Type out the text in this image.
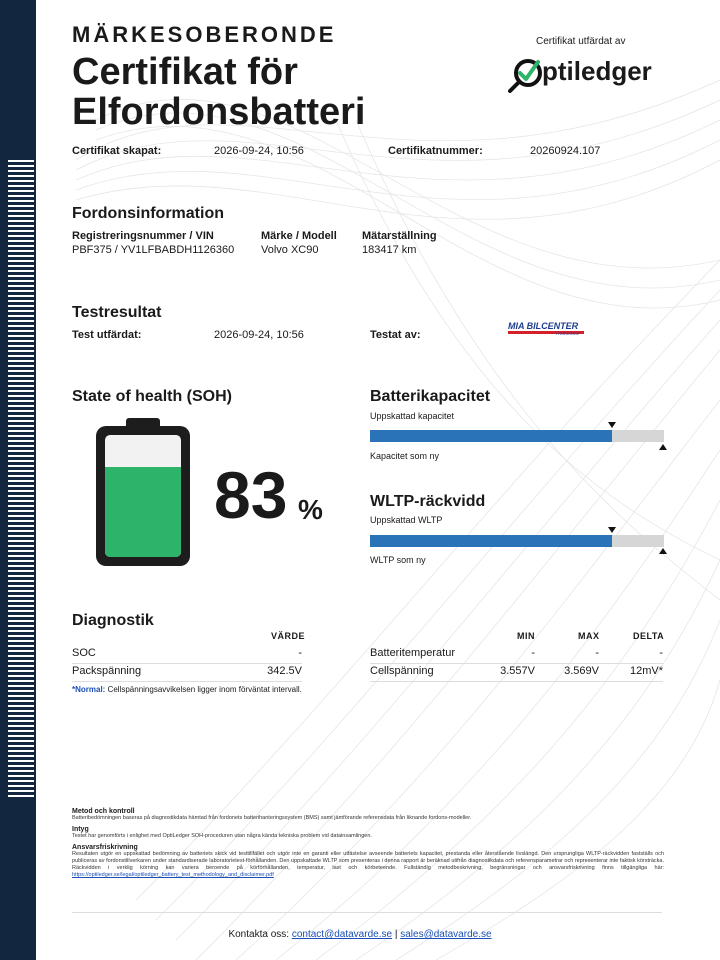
MÄRKESOBERONDE
Certifikat för Elfordonsbatteri
Certifikat utfärdat av
ptiledger
Certifikat skapat:	2026-09-24, 10:56	Certifikatnummer:	20260924.107
Fordonsinformation
Registreringsnummer / VIN
PBF375 / YV1LFBABDH1126360
Märke / Modell
Volvo XC90
Mätarställning
183417 km
Testresultat
Test utfärdat:	2026-09-24, 10:56	Testat av:
MIA BILCENTER
I HUDDINGE
State of health (SOH)
83 %
Batterikapacitet
Uppskattad kapacitet
Kapacitet som ny
WLTP-räckvidd
Uppskattad WLTP
WLTP som ny
Diagnostik
VÄRDE	MIN	MAX	DELTA
SOC	-
Packspänning	342.5V
Batteritemperatur	-	-	-
Cellspänning	3.557V	3.569V	12mV*
*Normal: Cellspänningsavvikelsen ligger inom förväntat intervall.
Metod och kontroll
Batteribedömningen baseras på diagnostikdata hämtad från fordonets batterihanteringssystem (BMS) samt jämförande referensdata från liknande fordons-modeller.
Intyg
Testet har genomförts i enlighet med OptiLedger SOH-proceduren utan några kända tekniska problem vid datainsamlingen.
Ansvarsfriskrivning
Resultaten utgör en uppskattad bedömning av batteriets skick vid testtillfället och utgör inte en garanti eller utfästelse avseende batteriets kapacitet, prestanda eller återstående livslängd. Den ursprungliga WLTP-räckvidden fastställs och publiceras av fordonstillverkaren under standardiserade laboratorietest-förhållanden. Den uppskattade WLTP som presenteras i denna rapport är beräknad utifrån diagnostikdata och referensparametrar och representerar inte faktisk körsträcka. Räckvidden i verklig körning kan variera beroende på körförhållanden, temperatur, last och körbeteende. Fullständig metodbeskrivning, begränsningar och ansvarsfriskrivning finns tillgängliga här: https://optiledger.se/legal/optiledger_battery_test_methodology_and_disclaimer.pdf
Kontakta oss: contact@datavarde.se | sales@datavarde.se
